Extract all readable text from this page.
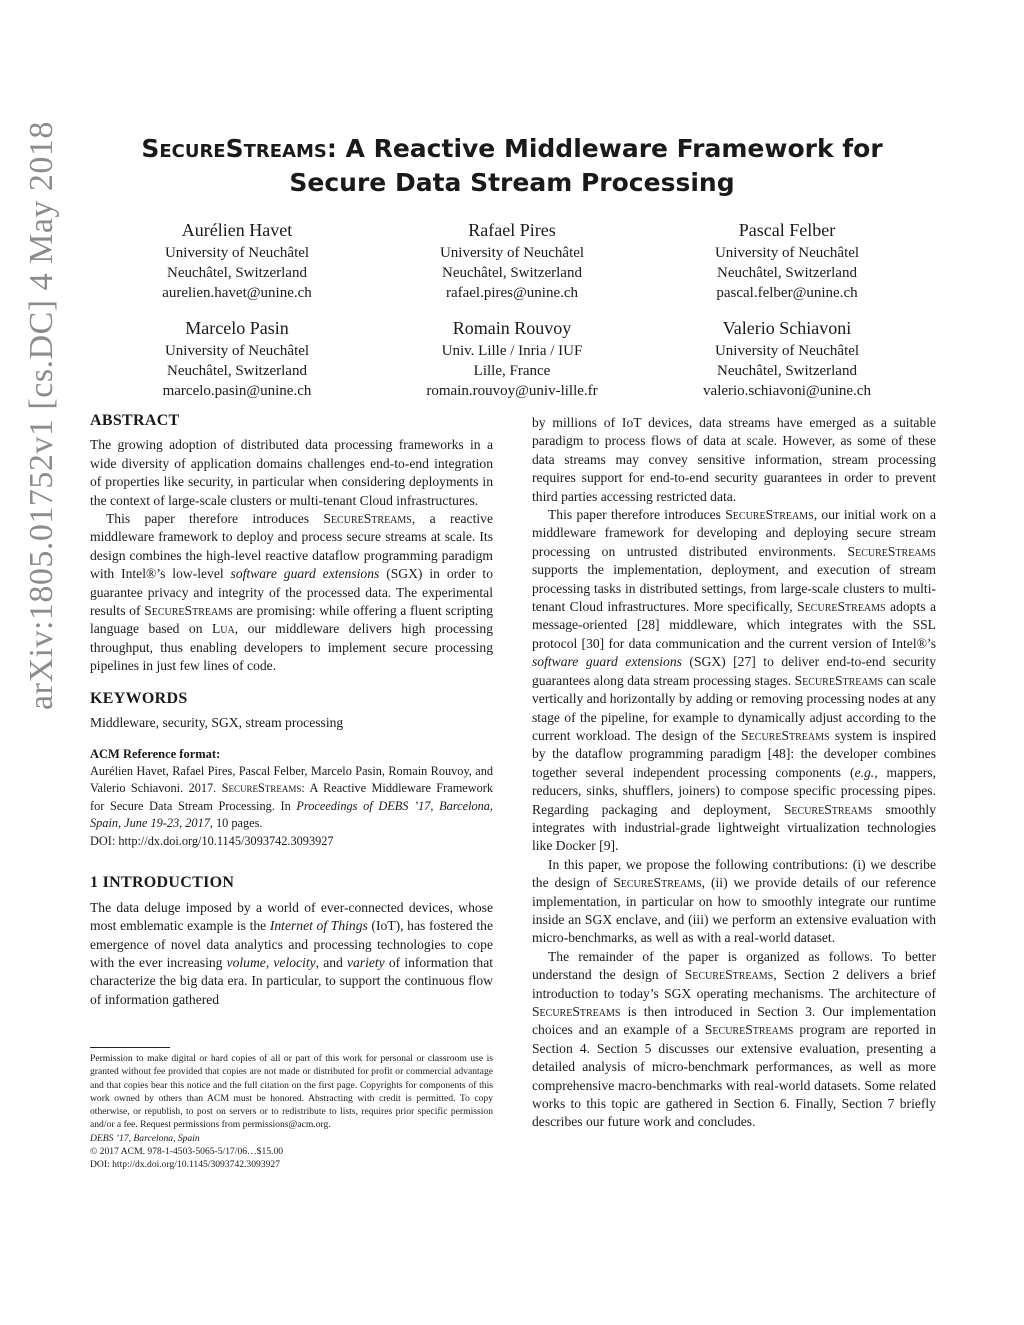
arXiv:1805.01752v1 [cs.DC] 4 May 2018	SecureStreams: A Reactive Middleware Framework for
Secure Data Stream Processing
Aurélien Havet
University of Neuchâtel
Neuchâtel, Switzerland
aurelien.havet@unine.ch
Rafael Pires
University of Neuchâtel
Neuchâtel, Switzerland
rafael.pires@unine.ch
Pascal Felber
University of Neuchâtel
Neuchâtel, Switzerland
pascal.felber@unine.ch
Marcelo Pasin
University of Neuchâtel
Neuchâtel, Switzerland
marcelo.pasin@unine.ch
Romain Rouvoy
Univ. Lille / Inria / IUF
Lille, France
romain.rouvoy@univ-lille.fr
Valerio Schiavoni
University of Neuchâtel
Neuchâtel, Switzerland
valerio.schiavoni@unine.ch
ABSTRACT

The growing adoption of distributed data processing frameworks in a wide diversity of application domains challenges end-to-end integration of properties like security, in particular when considering deployments in the context of large-scale clusters or multi-tenant Cloud infrastructures.

This paper therefore introduces SecureStreams, a reactive middleware framework to deploy and process secure streams at scale. Its design combines the high-level reactive dataflow programming paradigm with Intel®’s low-level software guard extensions (SGX) in order to guarantee privacy and integrity of the processed data. The experimental results of SecureStreams are promising: while offering a fluent scripting language based on Lua, our middleware delivers high processing throughput, thus enabling developers to implement secure processing pipelines in just few lines of code.

KEYWORDS

Middleware, security, SGX, stream processing

ACM Reference format:

Aurélien Havet, Rafael Pires, Pascal Felber, Marcelo Pasin, Romain Rouvoy, and Valerio Schiavoni. 2017. SecureStreams: A Reactive Middleware Framework for Secure Data Stream Processing. In Proceedings of DEBS ’17, Barcelona, Spain, June 19-23, 2017, 10 pages.

DOI: http://dx.doi.org/10.1145/3093742.3093927

1 INTRODUCTION

The data deluge imposed by a world of ever-connected devices, whose most emblematic example is the Internet of Things (IoT), has fostered the emergence of novel data analytics and processing technologies to cope with the ever increasing volume, velocity, and variety of information that characterize the big data era. In particular, to support the continuous flow of information gathered

Permission to make digital or hard copies of all or part of this work for personal or classroom use is granted without fee provided that copies are not made or distributed for profit or commercial advantage and that copies bear this notice and the full citation on the first page. Copyrights for components of this work owned by others than ACM must be honored. Abstracting with credit is permitted. To copy otherwise, or republish, to post on servers or to redistribute to lists, requires prior specific permission and/or a fee. Request permissions from permissions@acm.org.

DEBS ’17, Barcelona, Spain

© 2017 ACM. 978-1-4503-5065-5/17/06…$15.00

DOI: http://dx.doi.org/10.1145/3093742.3093927

by millions of IoT devices, data streams have emerged as a suitable paradigm to process flows of data at scale. However, as some of these data streams may convey sensitive information, stream processing requires support for end-to-end security guarantees in order to prevent third parties accessing restricted data.

This paper therefore introduces SecureStreams, our initial work on a middleware framework for developing and deploying secure stream processing on untrusted distributed environments. SecureStreams supports the implementation, deployment, and execution of stream processing tasks in distributed settings, from large-scale clusters to multi-tenant Cloud infrastructures. More specifically, SecureStreams adopts a message-oriented [28] middleware, which integrates with the SSL protocol [30] for data communication and the current version of Intel®’s software guard extensions (SGX) [27] to deliver end-to-end security guarantees along data stream processing stages. SecureStreams can scale vertically and horizontally by adding or removing processing nodes at any stage of the pipeline, for example to dynamically adjust according to the current workload. The design of the SecureStreams system is inspired by the dataflow programming paradigm [48]: the developer combines together several independent processing components (e.g., mappers, reducers, sinks, shufflers, joiners) to compose specific processing pipes. Regarding packaging and deployment, SecureStreams smoothly integrates with industrial-grade lightweight virtualization technologies like Docker [9].

In this paper, we propose the following contributions: (i) we describe the design of SecureStreams, (ii) we provide details of our reference implementation, in particular on how to smoothly integrate our runtime inside an SGX enclave, and (iii) we perform an extensive evaluation with micro-benchmarks, as well as with a real-world dataset.

The remainder of the paper is organized as follows. To better understand the design of SecureStreams, Section 2 delivers a brief introduction to today’s SGX operating mechanisms. The architecture of SecureStreams is then introduced in Section 3. Our implementation choices and an example of a SecureStreams program are reported in Section 4. Section 5 discusses our extensive evaluation, presenting a detailed analysis of micro-benchmark performances, as well as more comprehensive macro-benchmarks with real-world datasets. Some related works to this topic are gathered in Section 6. Finally, Section 7 briefly describes our future work and concludes.
